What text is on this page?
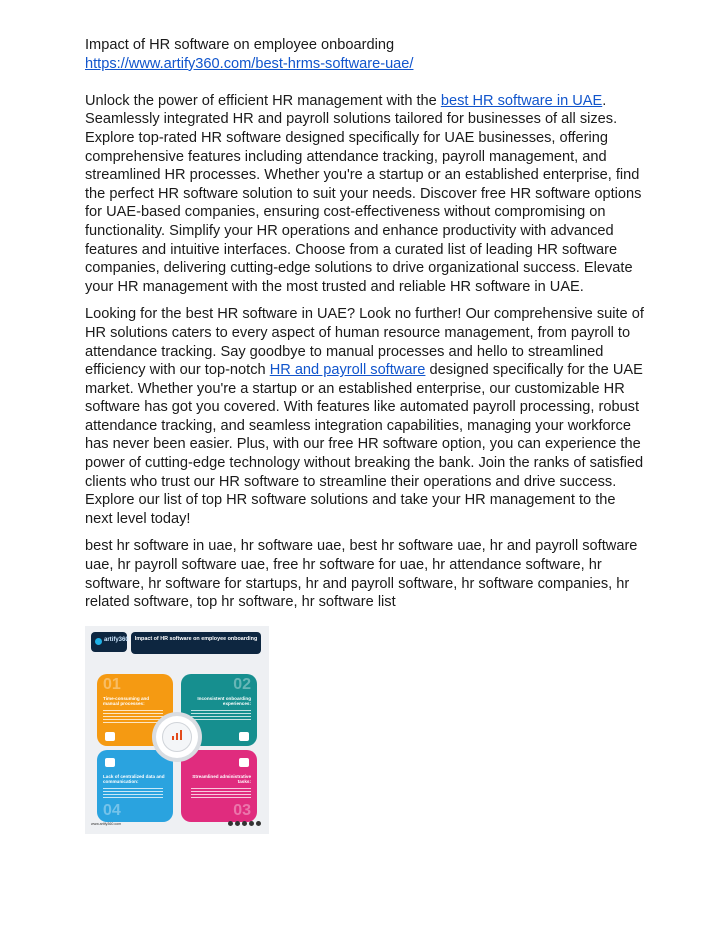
Impact of HR software on employee onboarding

https://www.artify360.com/best-hrms-software-uae/

Unlock the power of efficient HR management with the best HR software in UAE. Seamlessly integrated HR and payroll solutions tailored for businesses of all sizes. Explore top-rated HR software designed specifically for UAE businesses, offering comprehensive features including attendance tracking, payroll management, and streamlined HR processes. Whether you're a startup or an established enterprise, find the perfect HR software solution to suit your needs. Discover free HR software options for UAE-based companies, ensuring cost-effectiveness without compromising on functionality. Simplify your HR operations and enhance productivity with advanced features and intuitive interfaces. Choose from a curated list of leading HR software companies, delivering cutting-edge solutions to drive organizational success. Elevate your HR management with the most trusted and reliable HR software in UAE.

Looking for the best HR software in UAE? Look no further! Our comprehensive suite of HR solutions caters to every aspect of human resource management, from payroll to attendance tracking. Say goodbye to manual processes and hello to streamlined efficiency with our top-notch HR and payroll software designed specifically for the UAE market. Whether you're a startup or an established enterprise, our customizable HR software has got you covered. With features like automated payroll processing, robust attendance tracking, and seamless integration capabilities, managing your workforce has never been easier. Plus, with our free HR software option, you can experience the power of cutting-edge technology without breaking the bank. Join the ranks of satisfied clients who trust our HR software to streamline their operations and drive success. Explore our list of top HR software solutions and take your HR management to the next level today!

best hr software in uae, hr software uae, best hr software uae, hr and payroll software uae, hr payroll software uae, free hr software for uae, hr attendance software, hr software, hr software for startups, hr and payroll software, hr software companies, hr related software, top hr software, hr software list

artify360	Impact of HR software on employee onboarding
01
Time-consuming and manual processes:
02
Inconsistent onboarding experiences:
Lack of centralized data and communication:
04
Streamlined administrative tasks:
03
www.artify360.com
